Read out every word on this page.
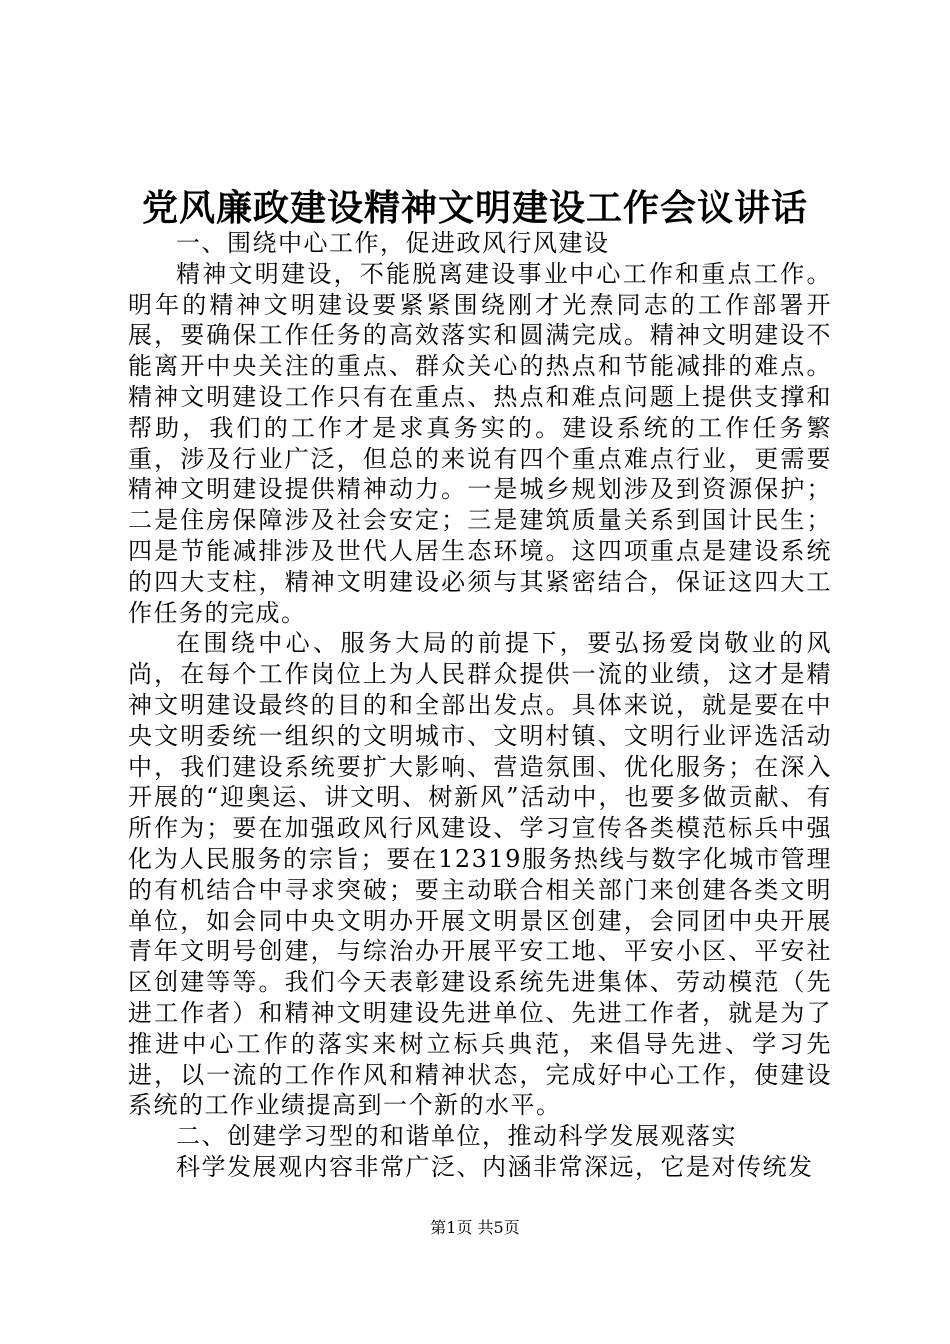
党风廉政建设精神文明建设工作会议讲话

一、围绕中心工作，促进政风行风建设

精神文明建设，不能脱离建设事业中心工作和重点工作。明年的精神文明建设要紧紧围绕刚才光焘同志的工作部署开展，要确保工作任务的高效落实和圆满完成。精神文明建设不能离开中央关注的重点、群众关心的热点和节能减排的难点。精神文明建设工作只有在重点、热点和难点问题上提供支撑和帮助，我们的工作才是求真务实的。建设系统的工作任务繁重，涉及行业广泛，但总的来说有四个重点难点行业，更需要精神文明建设提供精神动力。一是城乡规划涉及到资源保护；二是住房保障涉及社会安定；三是建筑质量关系到国计民生；四是节能减排涉及世代人居生态环境。这四项重点是建设系统的四大支柱，精神文明建设必须与其紧密结合，保证这四大工作任务的完成。

在围绕中心、服务大局的前提下，要弘扬爱岗敬业的风尚，在每个工作岗位上为人民群众提供一流的业绩，这才是精神文明建设最终的目的和全部出发点。具体来说，就是要在中央文明委统一组织的文明城市、文明村镇、文明行业评选活动中，我们建设系统要扩大影响、营造氛围、优化服务；在深入开展的“迎奥运、讲文明、树新风”活动中，也要多做贡献、有所作为；要在加强政风行风建设、学习宣传各类模范标兵中强化为人民服务的宗旨；要在12319服务热线与数字化城市管理的有机结合中寻求突破；要主动联合相关部门来创建各类文明单位，如会同中央文明办开展文明景区创建，会同团中央开展青年文明号创建，与综治办开展平安工地、平安小区、平安社区创建等等。我们今天表彰建设系统先进集体、劳动模范（先进工作者）和精神文明建设先进单位、先进工作者，就是为了推进中心工作的落实来树立标兵典范，来倡导先进、学习先进，以一流的工作作风和精神状态，完成好中心工作，使建设系统的工作业绩提高到一个新的水平。

二、创建学习型的和谐单位，推动科学发展观落实

科学发展观内容非常广泛、内涵非常深远，它是对传统发

第1页 共5页
